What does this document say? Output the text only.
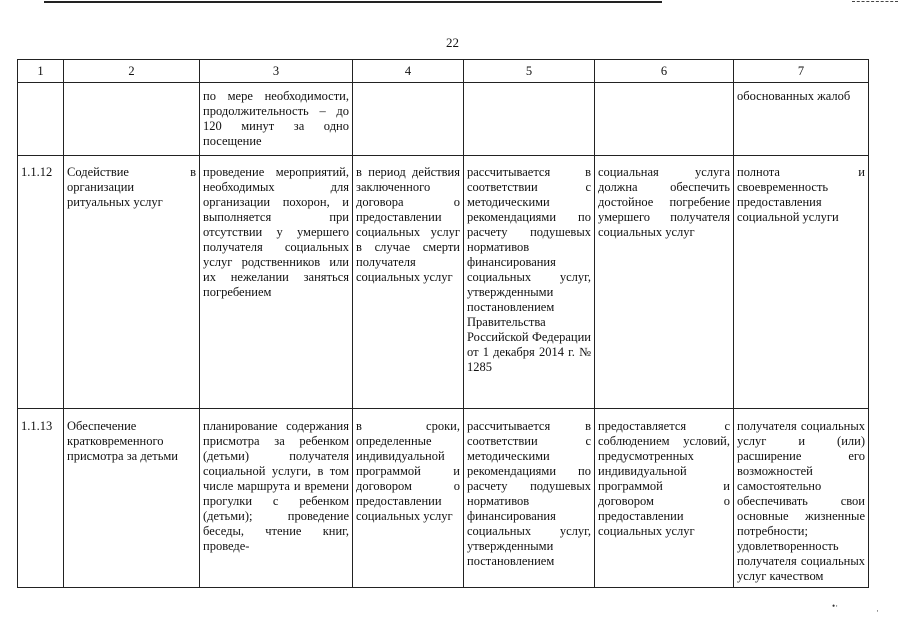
22
1	2	3	4	5	6	7
		по мере необходимости, продолжительность – до 120 минут за одно посещение				обоснованных жалоб
1.1.12	Содействие в организации ритуальных услуг	проведение мероприятий, необходимых для организации похорон, и выполняется при отсутствии у умершего получателя социальных услуг родственников или их нежелании заняться погребением	в период действия заключенного договора о предоставлении социальных услуг в случае смерти получателя социальных услуг	рассчитывается в соответствии с методическими рекомендациями по расчету подушевых нормативов финансирования социальных услуг, утвержденными постановлением Правительства Российской Федерации от 1 декабря 2014 г. № 1285	социальная услуга должна обеспечить достойное погребение умершего получателя социальных услуг	полнота и своевременность предоставления социальной услуги
1.1.13	Обеспечение кратковременного присмотра за детьми	планирование содержания присмотра за ребенком (детьми) получателя социальной услуги, в том числе маршрута и времени прогулки с ребенком (детьми); проведение беседы, чтение книг, проведе-	в сроки, определенные индивидуальной программой и договором о предоставлении социальных услуг	рассчитывается в соответствии с методическими рекомендациями по расчету подушевых нормативов финансирования социальных услуг, утвержденными постановлением	предоставляется с соблюдением условий, предусмотренных индивидуальной программой и договором о предоставлении социальных услуг	получателя социальных услуг и (или) расширение его возможностей самостоятельно обеспечивать свои основные жизненные потребности; удовлетворенность получателя социальных услуг качеством
•·	·
